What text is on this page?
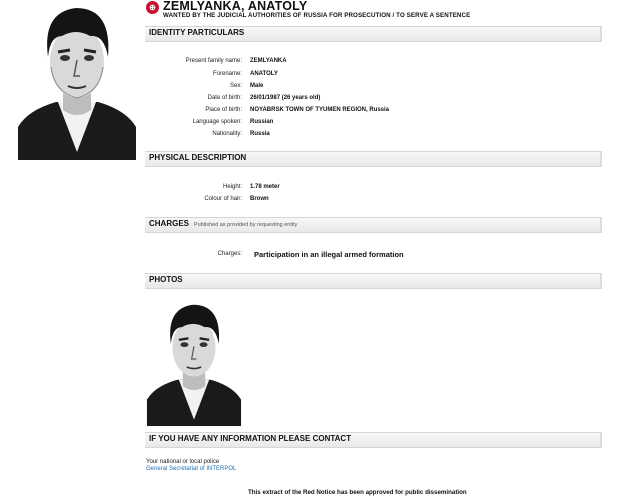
⊕ ZEMLYANKA, ANATOLY
WANTED BY THE JUDICIAL AUTHORITIES OF RUSSIA FOR PROSECUTION / TO SERVE A SENTENCE
IDENTITY PARTICULARS
Present family name: ZEMLYANKA
Forename: ANATOLY
Sex: Male
Date of birth: 26/01/1987 (26 years old)
Place of birth: NOYABRSK TOWN OF TYUMEN REGION, Russia
Language spoken: Russian
Nationality: Russia
PHYSICAL DESCRIPTION
Height: 1.78 meter
Colour of hair: Brown
CHARGES Published as provided by requesting entity
Charges: Participation in an illegal armed formation
PHOTOS
IF YOU HAVE ANY INFORMATION PLEASE CONTACT
Your national or local police
General Secretariat of INTERPOL
This extract of the Red Notice has been approved for public dissemination
